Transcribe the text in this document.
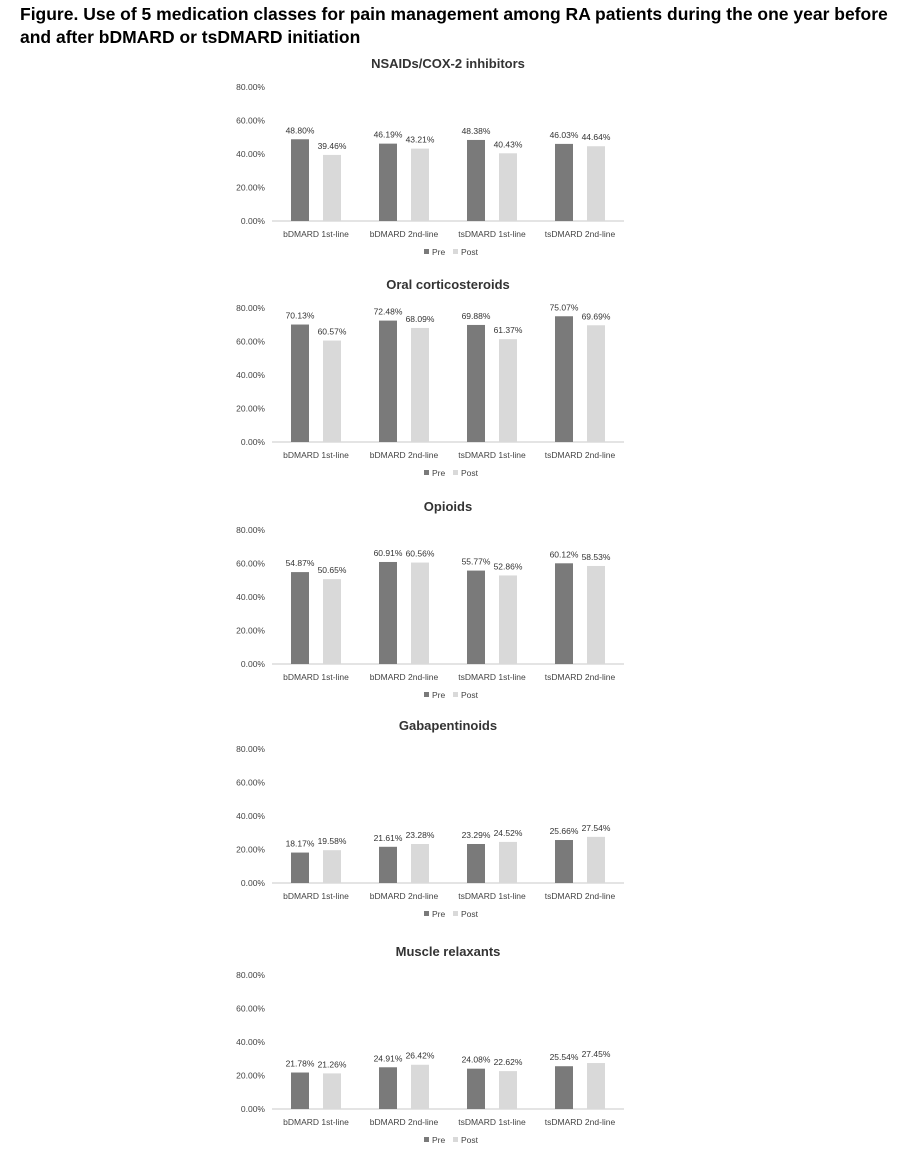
Figure. Use of 5 medication classes for pain management among RA patients during the one year before and after bDMARD or tsDMARD initiation
NSAIDs/COX-2 inhibitors
0.00%
20.00%
40.00%
60.00%
80.00%
48.80%
39.46%
bDMARD 1st-line
46.19% 43.21%
bDMARD 2nd-line
48.38%
40.43%
tsDMARD 1st-line
46.03% 44.64%
tsDMARD 2nd-line
Pre Post
Oral corticosteroids
0.00%
20.00%
40.00%
60.00%
80.00%
70.13%
60.57%
bDMARD 1st-line
72.48%
68.09%
bDMARD 2nd-line
69.88%
61.37%
tsDMARD 1st-line
75.07%
69.69%
tsDMARD 2nd-line
Pre Post
Opioids
0.00%
20.00%
40.00%
60.00%
80.00%
54.87%
50.65%
bDMARD 1st-line
60.91% 60.56%
bDMARD 2nd-line
55.77% 52.86%
tsDMARD 1st-line
60.12% 58.53%
tsDMARD 2nd-line
Pre Post
Gabapentinoids
0.00%
20.00%
40.00%
60.00%
80.00%
18.17% 19.58%
bDMARD 1st-line
21.61% 23.28%
bDMARD 2nd-line
23.29% 24.52%
tsDMARD 1st-line
25.66% 27.54%
tsDMARD 2nd-line
Pre Post
Muscle relaxants
0.00%
20.00%
40.00%
60.00%
80.00%
21.78% 21.26%
bDMARD 1st-line
24.91% 26.42%
bDMARD 2nd-line
24.08% 22.62%
tsDMARD 1st-line
25.54% 27.45%
tsDMARD 2nd-line
Pre Post
